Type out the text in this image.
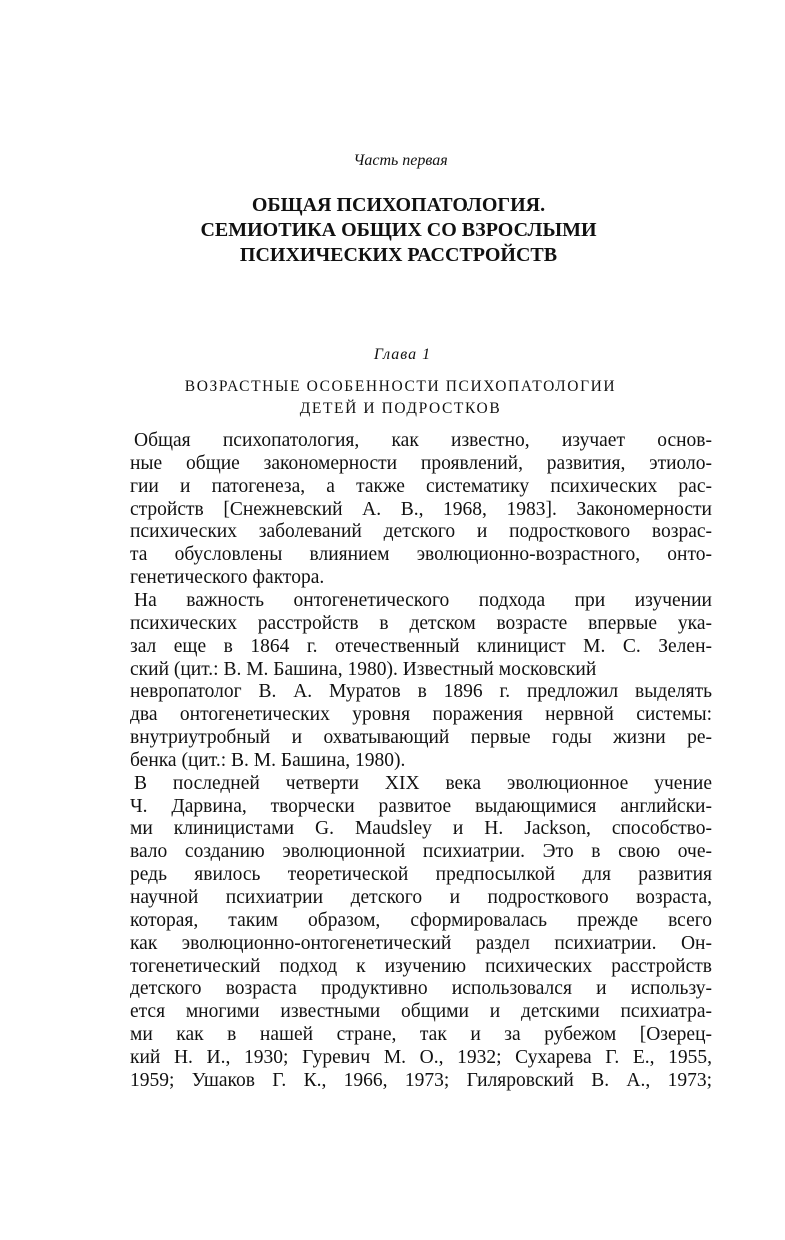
Часть первая
ОБЩАЯ ПСИХОПАТОЛОГИЯ.
СЕМИОТИКА ОБЩИХ СО ВЗРОСЛЫМИ
ПСИХИЧЕСКИХ РАССТРОЙСТВ
Глава 1
ВОЗРАСТНЫЕ ОСОБЕННОСТИ ПСИХОПАТОЛОГИИ
ДЕТЕЙ И ПОДРОСТКОВ
Общая психопатология, как известно, изучает основ-
ные общие закономерности проявлений, развития, этиоло-
гии и патогенеза, а также систематику психических рас-
стройств [Снежневский А. В., 1968, 1983]. Закономерности
психических заболеваний детского и подросткового возрас-
та обусловлены влиянием эволюционно-возрастного, онто-
генетического фактора.
На важность онтогенетического подхода при изучении
психических расстройств в детском возрасте впервые ука-
зал еще в 1864 г. отечественный клиницист М. С. Зелен-
ский (цит.: В. М. Башина, 1980). Известный московский
невропатолог В. А. Муратов в 1896 г. предложил выделять
два онтогенетических уровня поражения нервной системы:
внутриутробный и охватывающий первые годы жизни ре-
бенка (цит.: В. М. Башина, 1980).
В последней четверти XIX века эволюционное учение
Ч. Дарвина, творчески развитое выдающимися английски-
ми клиницистами G. Maudsley и H. Jackson, способство-
вало созданию эволюционной психиатрии. Это в свою оче-
редь явилось теоретической предпосылкой для развития
научной психиатрии детского и подросткового возраста,
которая, таким образом, сформировалась прежде всего
как эволюционно-онтогенетический раздел психиатрии. Он-
тогенетический подход к изучению психических расстройств
детского возраста продуктивно использовался и использу-
ется многими известными общими и детскими психиатра-
ми как в нашей стране, так и за рубежом [Озерец-
кий Н. И., 1930; Гуревич М. О., 1932; Сухарева Г. Е., 1955,
1959; Ушаков Г. К., 1966, 1973; Гиляровский В. А., 1973;
